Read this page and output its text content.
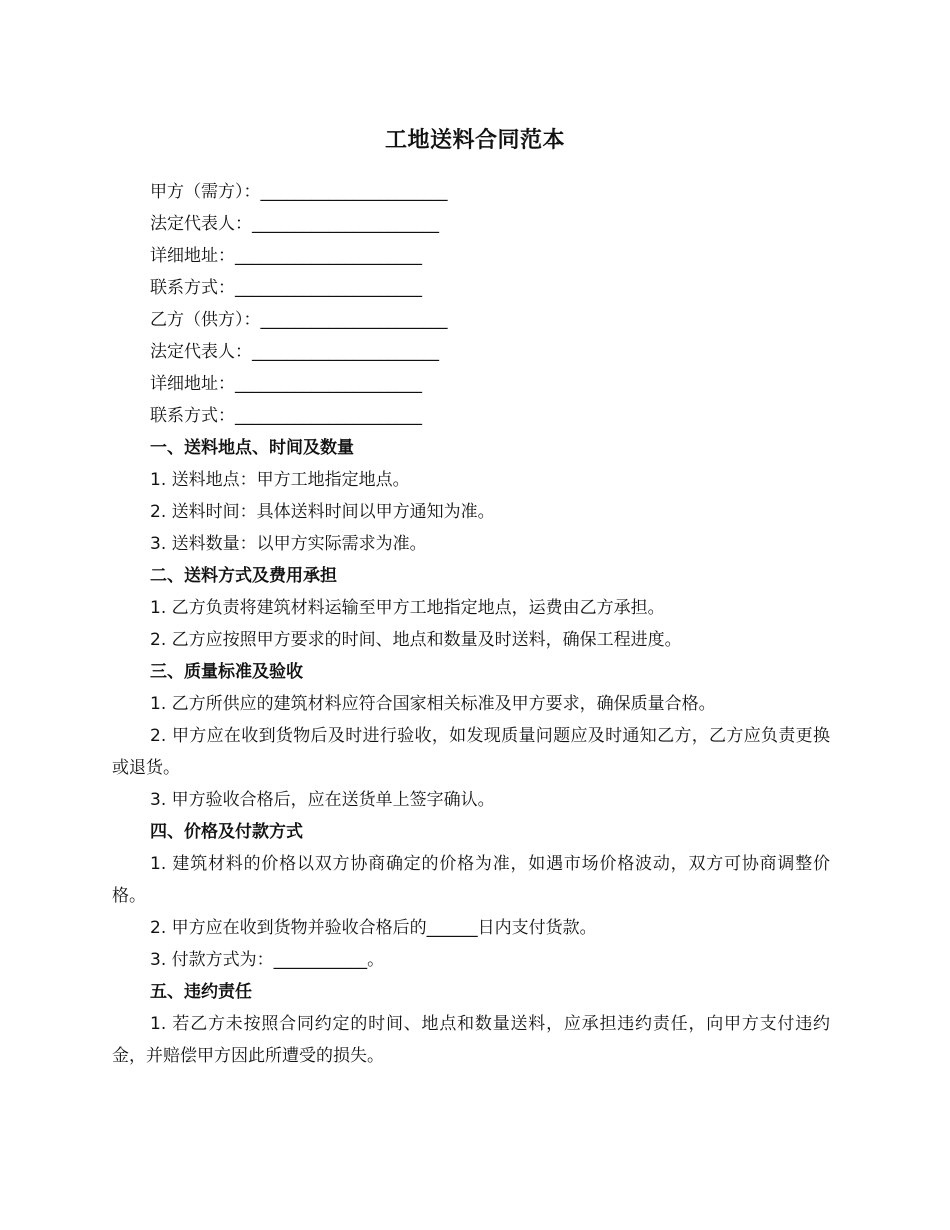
工地送料合同范本
甲方（需方）：______________________
法定代表人：______________________
详细地址：______________________
联系方式：______________________
乙方（供方）：______________________
法定代表人：______________________
详细地址：______________________
联系方式：______________________
一、送料地点、时间及数量
1. 送料地点：甲方工地指定地点。
2. 送料时间：具体送料时间以甲方通知为准。
3. 送料数量：以甲方实际需求为准。
二、送料方式及费用承担
1. 乙方负责将建筑材料运输至甲方工地指定地点，运费由乙方承担。
2. 乙方应按照甲方要求的时间、地点和数量及时送料，确保工程进度。
三、质量标准及验收
1. 乙方所供应的建筑材料应符合国家相关标准及甲方要求，确保质量合格。
2. 甲方应在收到货物后及时进行验收，如发现质量问题应及时通知乙方，乙方应负责更换或退货。
3. 甲方验收合格后，应在送货单上签字确认。
四、价格及付款方式
1. 建筑材料的价格以双方协商确定的价格为准，如遇市场价格波动，双方可协商调整价格。
2. 甲方应在收到货物并验收合格后的______日内支付货款。
3. 付款方式为：___________。
五、违约责任
1. 若乙方未按照合同约定的时间、地点和数量送料，应承担违约责任，向甲方支付违约金，并赔偿甲方因此所遭受的损失。
